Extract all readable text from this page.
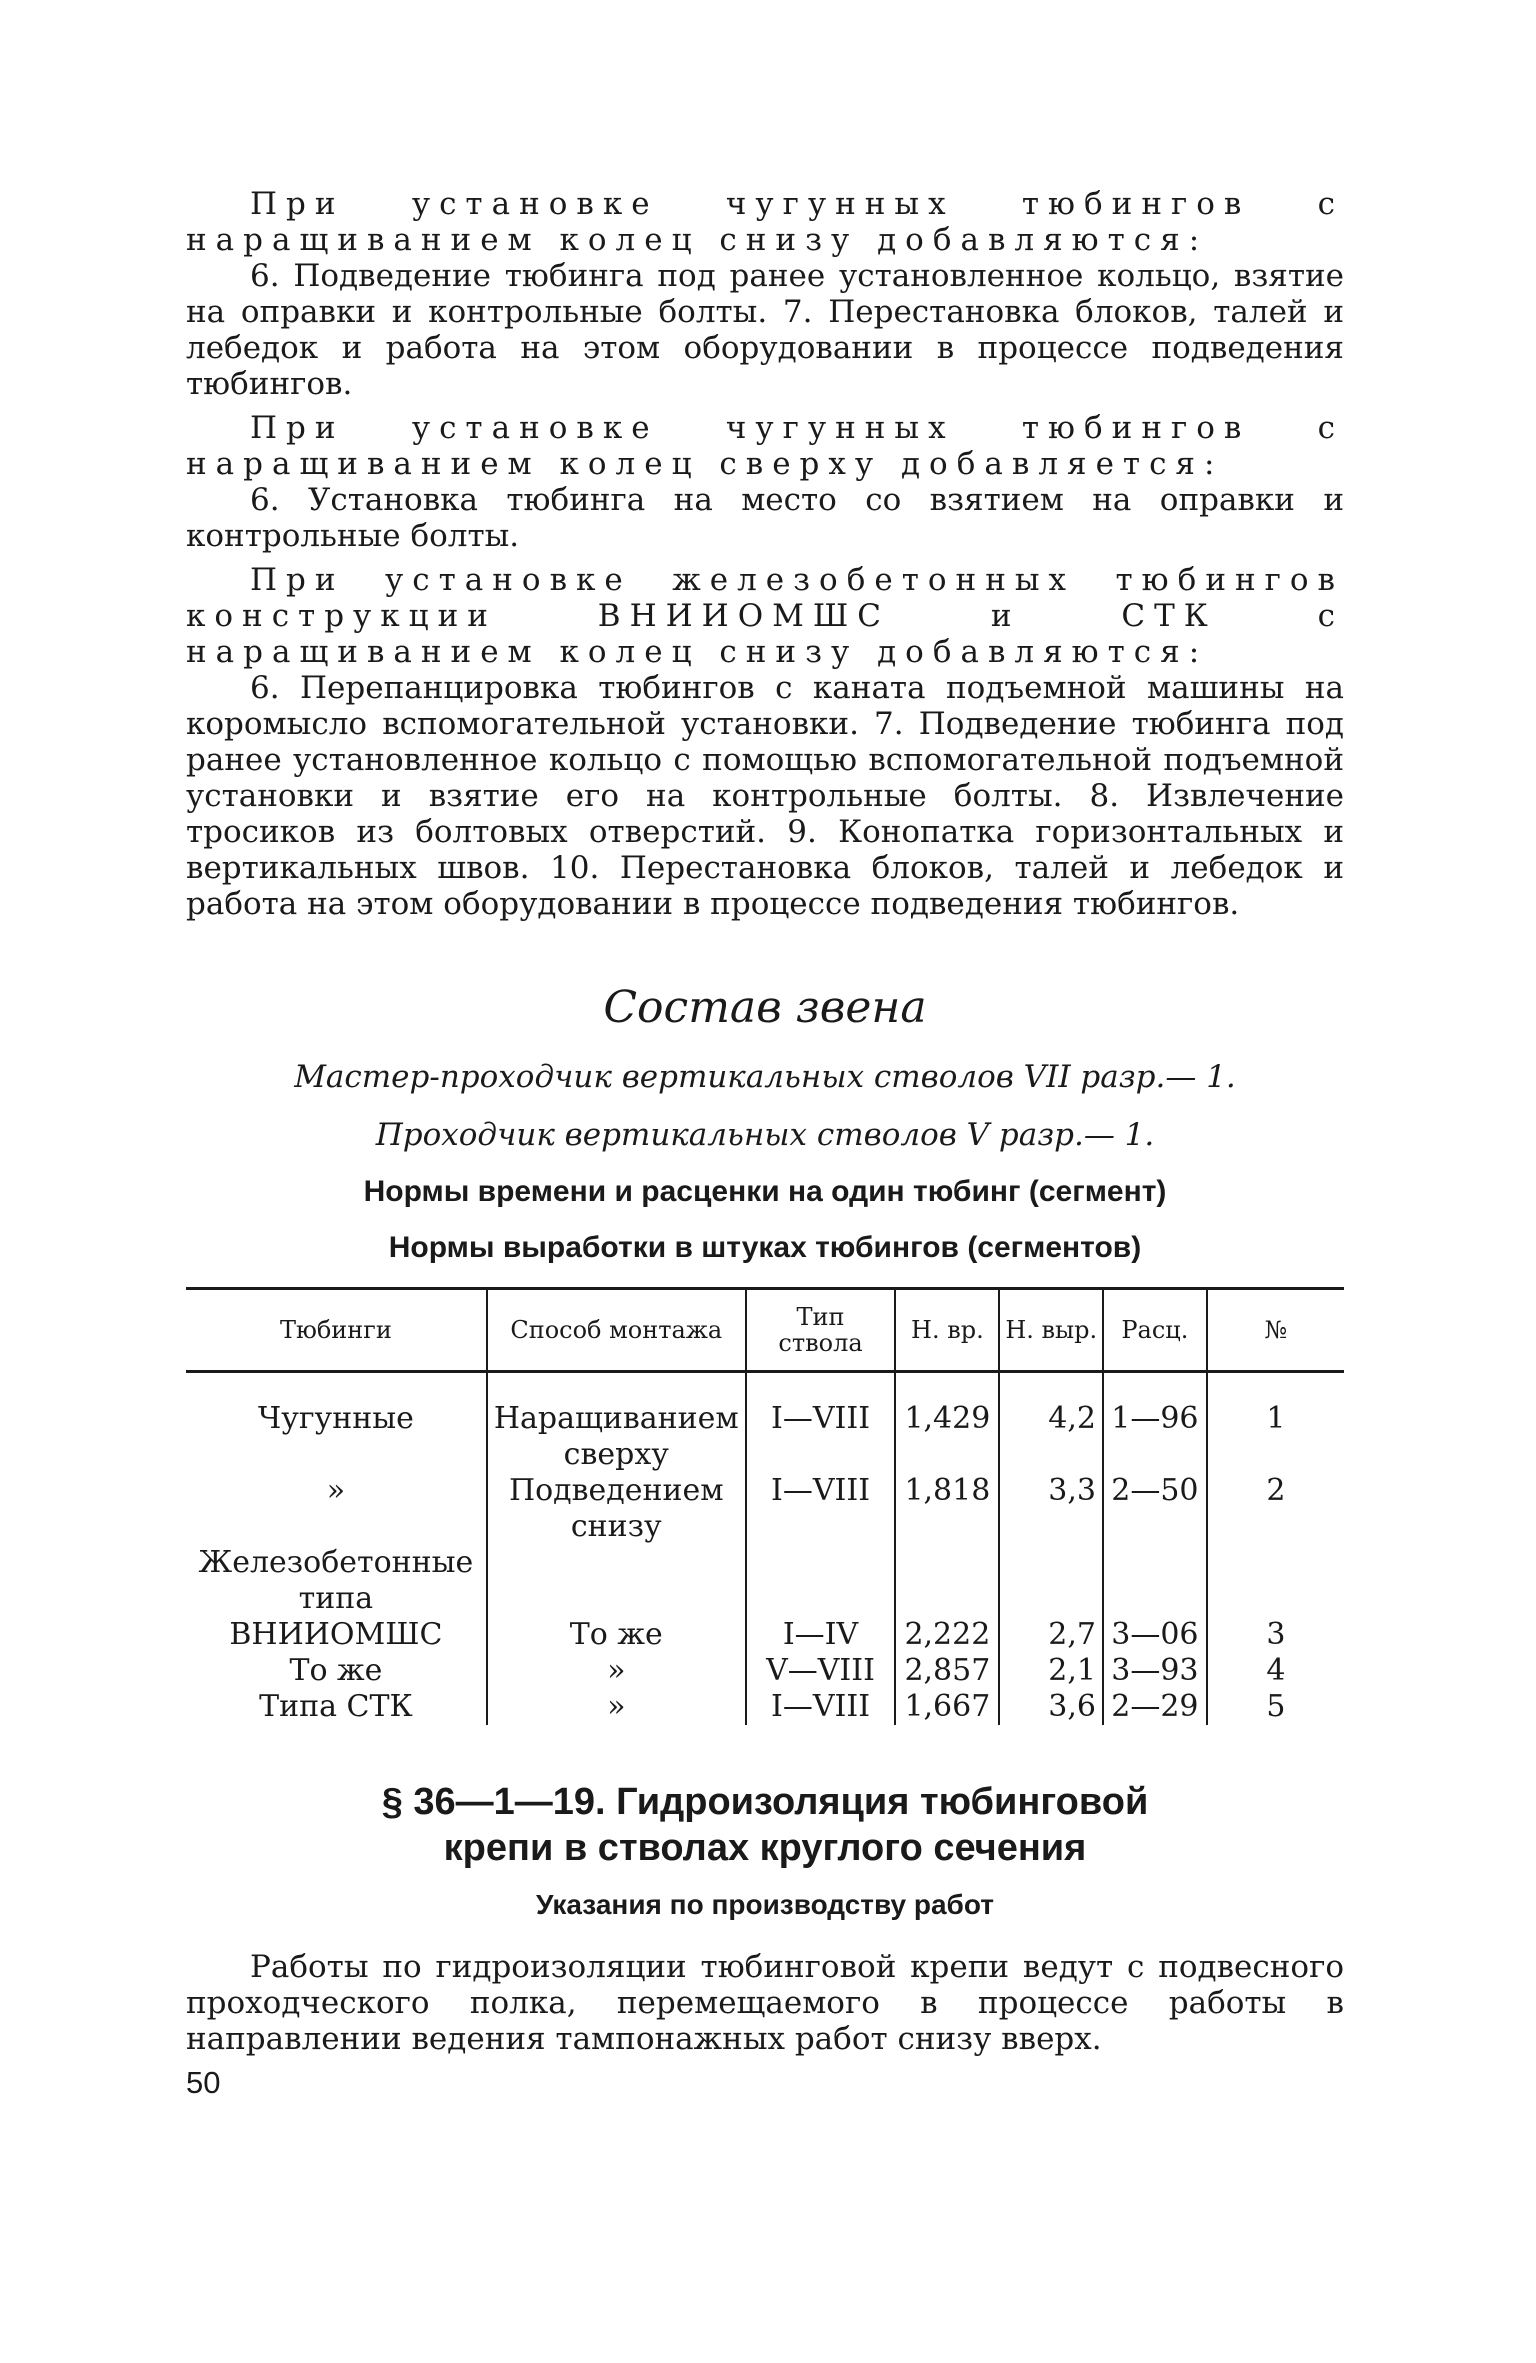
При установке чугунных тюбингов с наращиванием колец снизу добавляются:

6. Подведение тюбинга под ранее установленное кольцо, взятие на оправки и контрольные болты. 7. Перестановка блоков, талей и лебедок и работа на этом оборудовании в процессе подведения тюбингов.

При установке чугунных тюбингов с наращиванием колец сверху добавляется:

6. Установка тюбинга на место со взятием на оправки и контрольные болты.

При установке железобетонных тюбингов конструкции ВНИИОМШС и СТК с наращиванием колец снизу добавляются:

6. Перепанцировка тюбингов с каната подъемной машины на коромысло вспомогательной установки. 7. Подведение тюбинга под ранее установленное кольцо с помощью вспомогательной подъемной установки и взятие его на контрольные болты. 8. Извлечение тросиков из болтовых отверстий. 9. Конопатка горизонтальных и вертикальных швов. 10. Перестановка блоков, талей и лебедок и работа на этом оборудовании в процессе подведения тюбингов.

Состав звена
Мастер-проходчик вертикальных стволов VII разр.— 1.
Проходчик вертикальных стволов V разр.— 1.
Нормы времени и расценки на один тюбинг (сегмент)
Нормы выработки в штуках тюбингов (сегментов)
Тюбинги	Способ монтажа	Тип ствола	Н. вр.	Н. выр.	Расц.	№
Чугунные	Наращиванием сверху	I—VIII	1,429	4,2	1—96	1
»	Подведением снизу	I—VIII	1,818	3,3	2—50	2
Железобетонные типа ВНИИОМШС	То же	I—IV	2,222	2,7	3—06	3
То же	»	V—VIII	2,857	2,1	3—93	4
Типа СТК	»	I—VIII	1,667	3,6	2—29	5
§ 36—1—19. Гидроизоляция тюбинговой
крепи в стволах круглого сечения
Указания по производству работ

Работы по гидроизоляции тюбинговой крепи ведут с подвесного проходческого полка, перемещаемого в процессе работы в направлении ведения тампонажных работ снизу вверх.

50
